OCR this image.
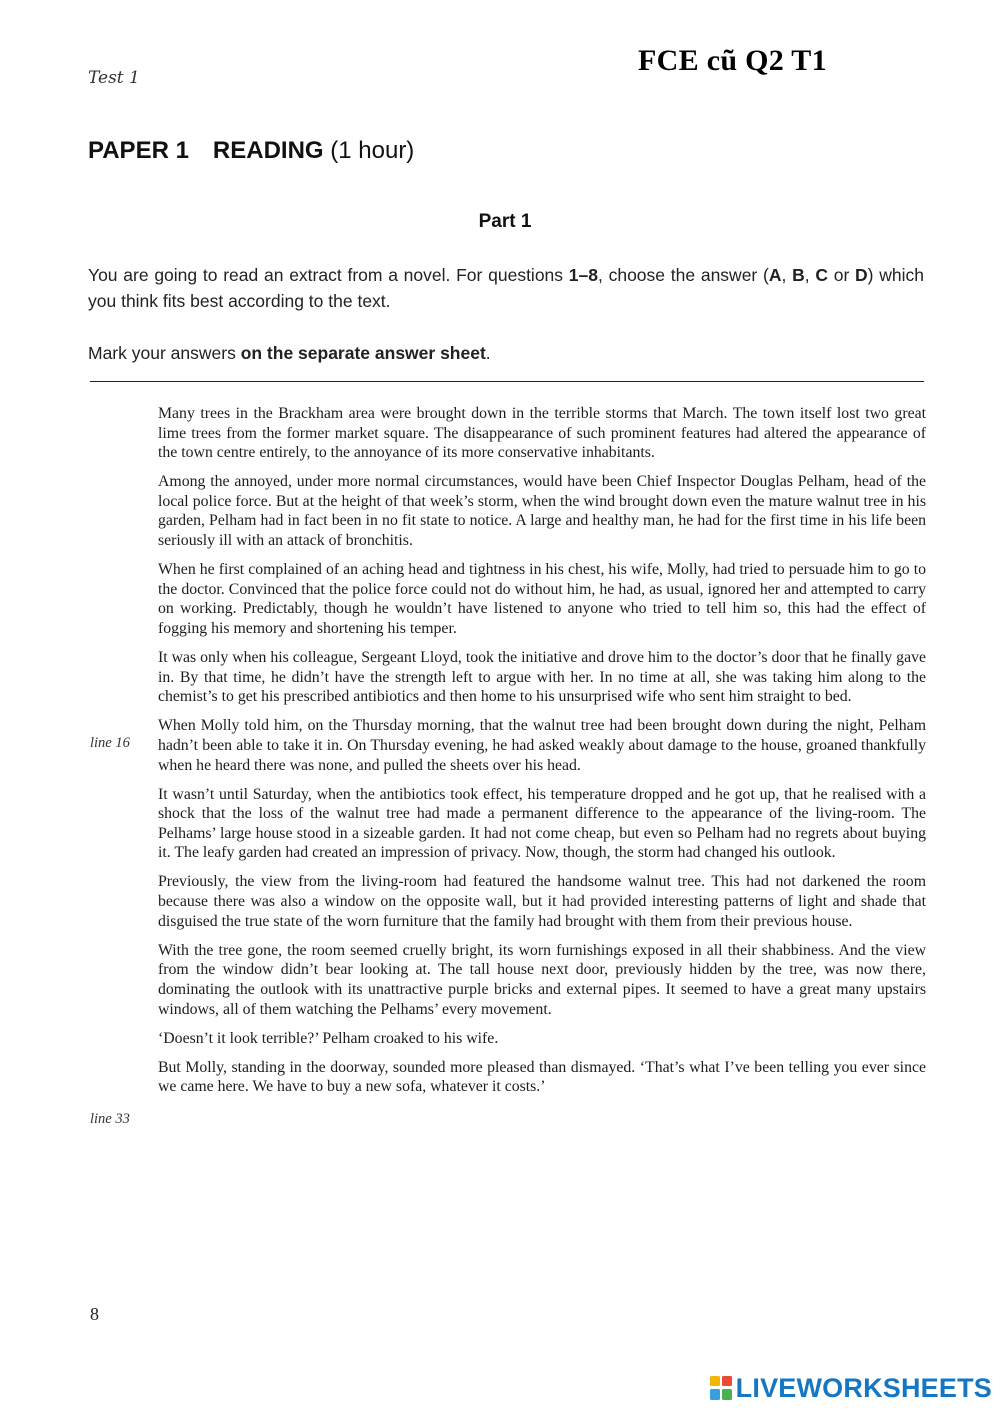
Test 1
FCE cũ Q2 T1
PAPER 1 READING (1 hour)
Part 1
You are going to read an extract from a novel. For questions 1–8, choose the answer (A, B, C or D) which you think fits best according to the text.
Mark your answers on the separate answer sheet.

Many trees in the Brackham area were brought down in the terrible storms that March. The town itself lost two great lime trees from the former market square. The disappearance of such prominent features had altered the appearance of the town centre entirely, to the annoyance of its more conservative inhabitants.

Among the annoyed, under more normal circumstances, would have been Chief Inspector Douglas Pelham, head of the local police force. But at the height of that week’s storm, when the wind brought down even the mature walnut tree in his garden, Pelham had in fact been in no fit state to notice. A large and healthy man, he had for the first time in his life been seriously ill with an attack of bronchitis.

When he first complained of an aching head and tightness in his chest, his wife, Molly, had tried to persuade him to go to the doctor. Convinced that the police force could not do without him, he had, as usual, ignored her and attempted to carry on working. Predictably, though he wouldn’t have listened to anyone who tried to tell him so, this had the effect of fogging his memory and shortening his temper.

It was only when his colleague, Sergeant Lloyd, took the initiative and drove him to the doctor’s door that he finally gave in. By that time, he didn’t have the strength left to argue with her. In no time at all, she was taking him along to the chemist’s to get his prescribed antibiotics and then home to his unsurprised wife who sent him straight to bed.

When Molly told him, on the Thursday morning, that the walnut tree had been brought down during the night, Pelham hadn’t been able to take it in. On Thursday evening, he had asked weakly about damage to the house, groaned thankfully when he heard there was none, and pulled the sheets over his head.

It wasn’t until Saturday, when the antibiotics took effect, his temperature dropped and he got up, that he realised with a shock that the loss of the walnut tree had made a permanent difference to the appearance of the living-room. The Pelhams’ large house stood in a sizeable garden. It had not come cheap, but even so Pelham had no regrets about buying it. The leafy garden had created an impression of privacy. Now, though, the storm had changed his outlook.

Previously, the view from the living-room had featured the handsome walnut tree. This had not darkened the room because there was also a window on the opposite wall, but it had provided interesting patterns of light and shade that disguised the true state of the worn furniture that the family had brought with them from their previous house.

With the tree gone, the room seemed cruelly bright, its worn furnishings exposed in all their shabbiness. And the view from the window didn’t bear looking at. The tall house next door, previously hidden by the tree, was now there, dominating the outlook with its unattractive purple bricks and external pipes. It seemed to have a great many upstairs windows, all of them watching the Pelhams’ every movement.

‘Doesn’t it look terrible?’ Pelham croaked to his wife.

But Molly, standing in the doorway, sounded more pleased than dismayed. ‘That’s what I’ve been telling you ever since we came here. We have to buy a new sofa, whatever it costs.’

line 16
line 33
8
LIVEWORKSHEETS
